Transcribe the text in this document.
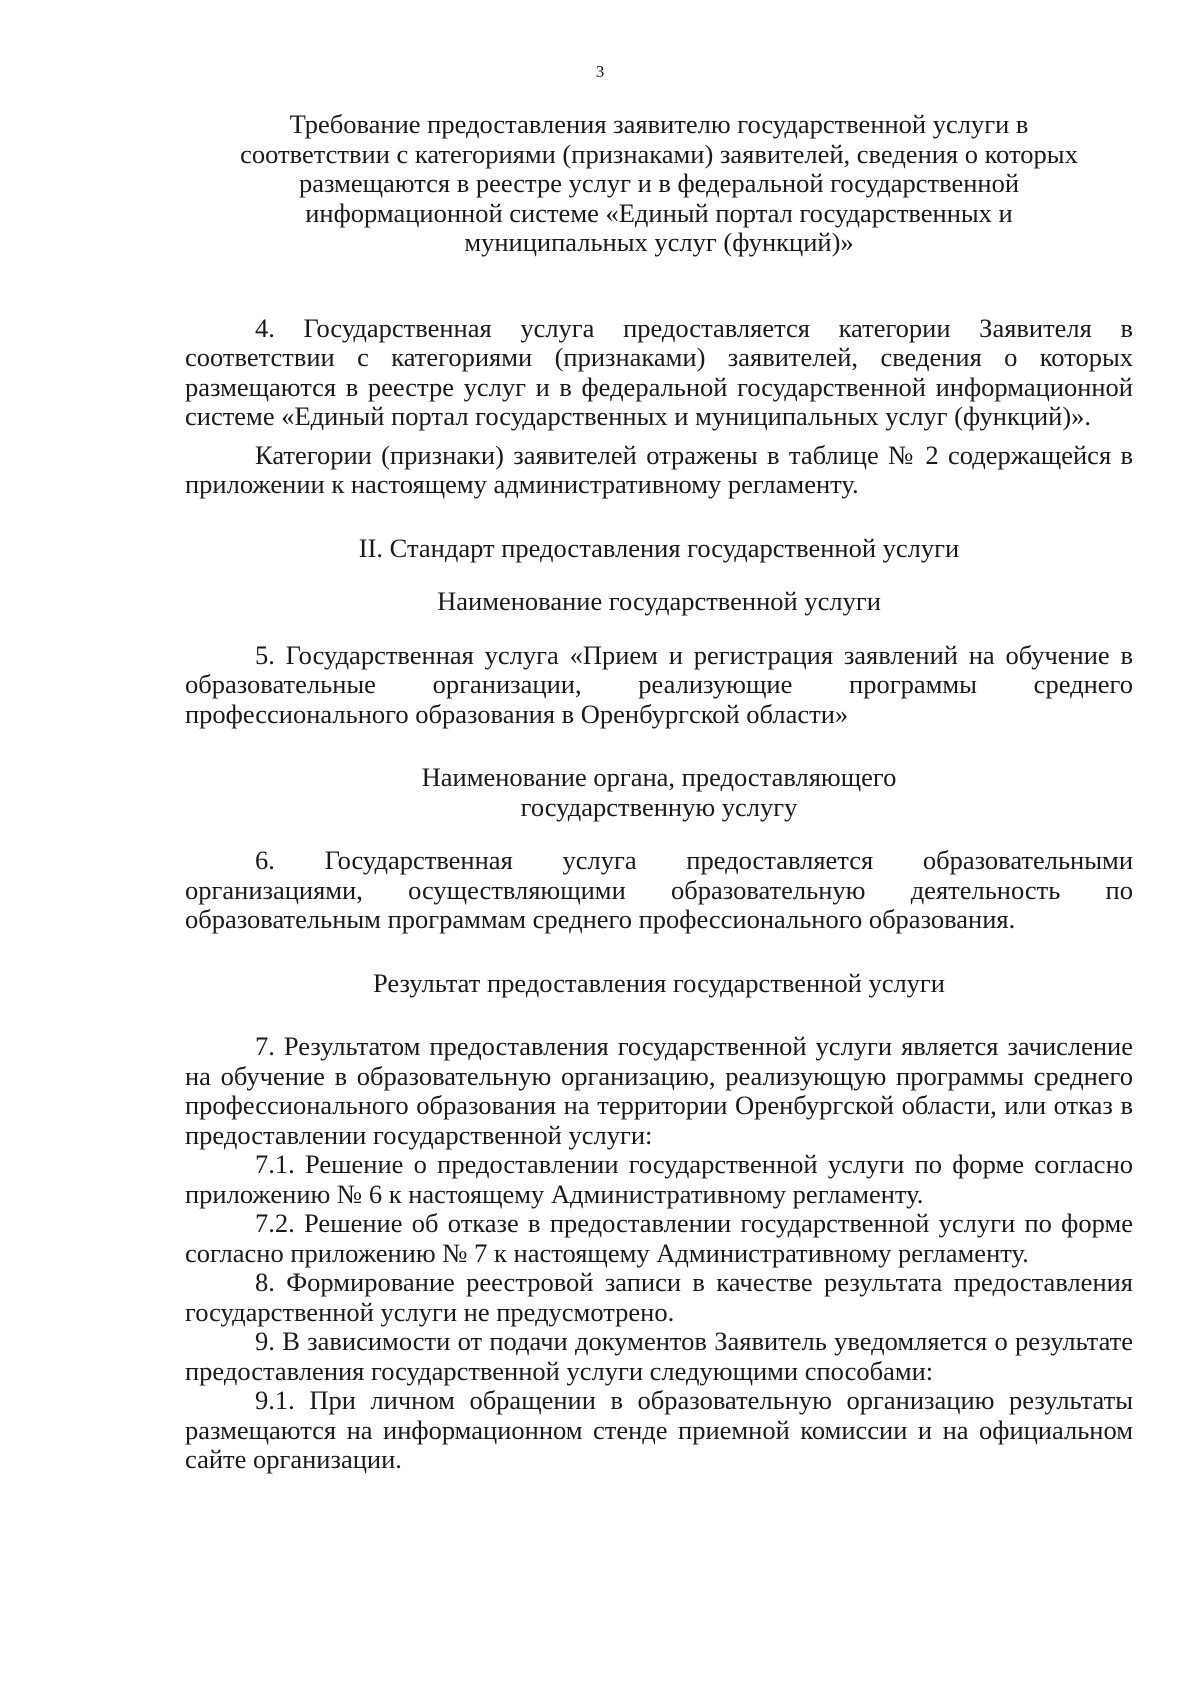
3

Требование предоставления заявителю государственной услуги в соответствии с категориями (признаками) заявителей, сведения о которых размещаются в реестре услуг и в федеральной государственной информационной системе «Единый портал государственных и муниципальных услуг (функций)»

4. Государственная услуга предоставляется категории Заявителя в соответствии с категориями (признаками) заявителей, сведения о которых размещаются в реестре услуг и в федеральной государственной информационной системе «Единый портал государственных и муниципальных услуг (функций)».

Категории (признаки) заявителей отражены в таблице № 2 содержащейся в приложении к настоящему административному регламенту.

II. Стандарт предоставления государственной услуги

Наименование государственной услуги

5. Государственная услуга «Прием и регистрация заявлений на обучение в образовательные организации, реализующие программы среднего профессионального образования в Оренбургской области»

Наименование органа, предоставляющего

государственную услугу

6. Государственная услуга предоставляется образовательными организациями, осуществляющими образовательную деятельность по образовательным программам среднего профессионального образования.

Результат предоставления государственной услуги

7. Результатом предоставления государственной услуги является зачисление на обучение в образовательную организацию, реализующую программы среднего профессионального образования на территории Оренбургской области, или отказ в предоставлении государственной услуги:

7.1. Решение о предоставлении государственной услуги по форме согласно приложению № 6 к настоящему Административному регламенту.

7.2. Решение об отказе в предоставлении государственной услуги по форме согласно приложению № 7 к настоящему Административному регламенту.

8. Формирование реестровой записи в качестве результата предоставления государственной услуги не предусмотрено.

9. В зависимости от подачи документов Заявитель уведомляется о результате предоставления государственной услуги следующими способами:

9.1. При личном обращении в образовательную организацию результаты размещаются на информационном стенде приемной комиссии и на официальном сайте организации.
